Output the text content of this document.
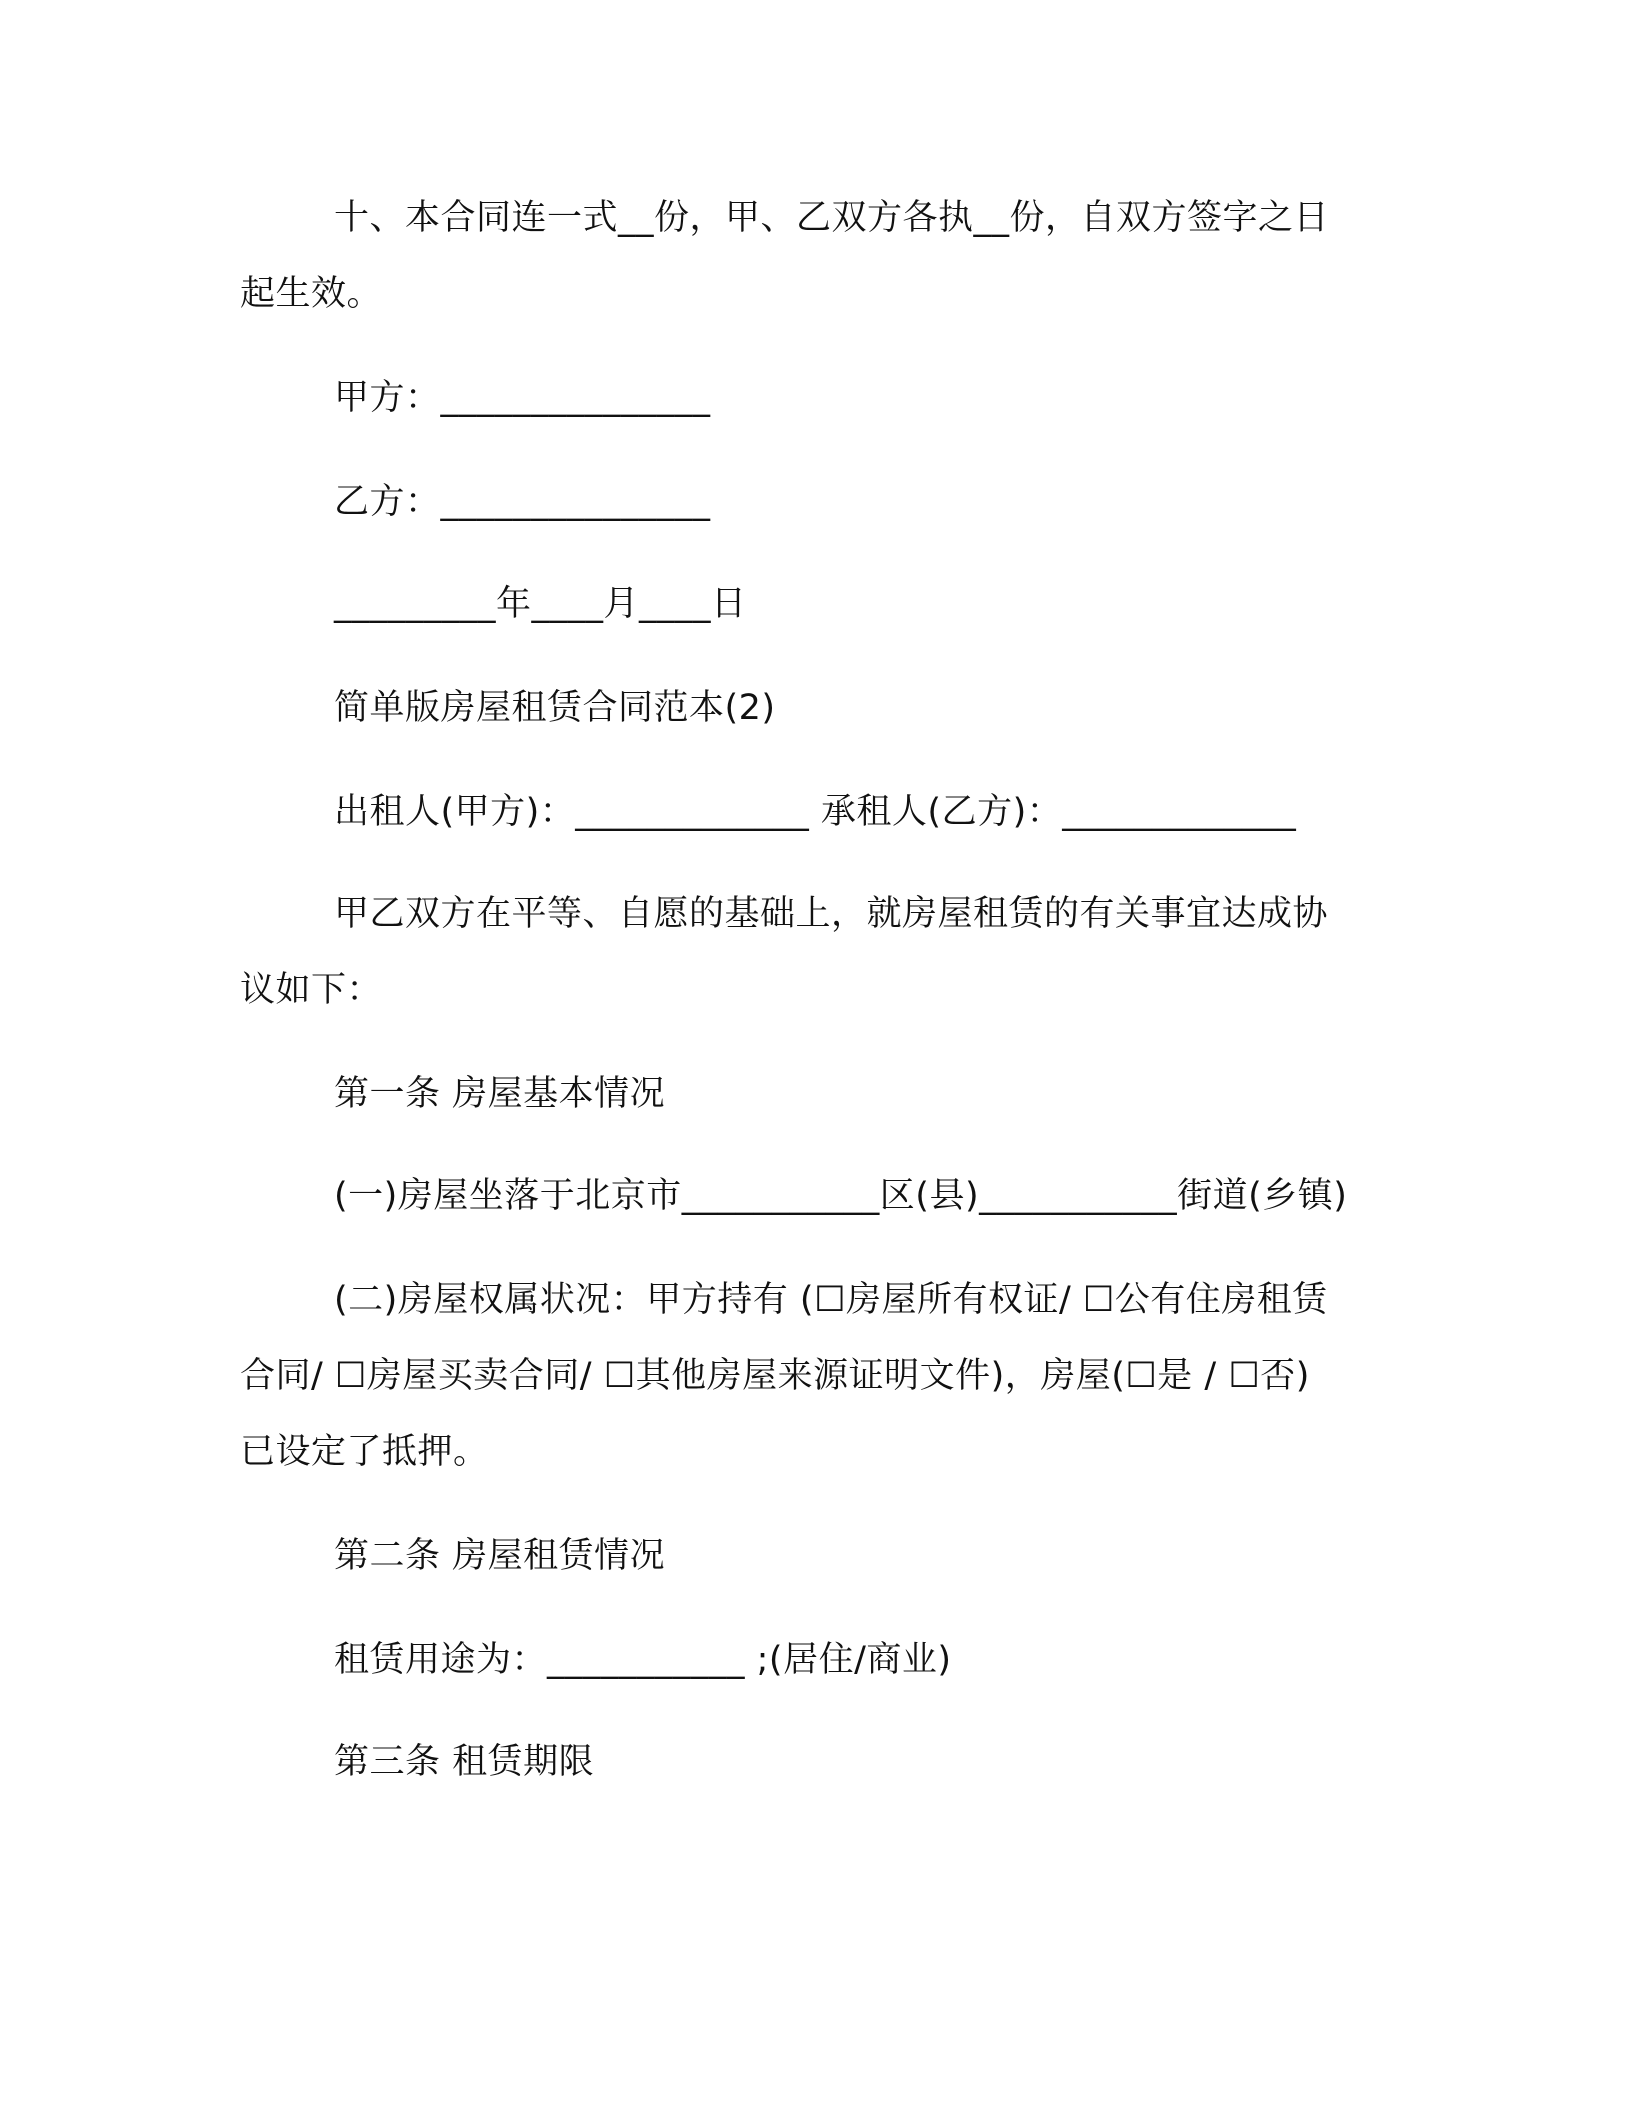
十、本合同连一式__份，甲、乙双方各执__份，自双方签字之日
起生效。
甲方：_______________
乙方：_______________
_________年____月____日
简单版房屋租赁合同范本(2)
出租人(甲方)：_____________ 承租人(乙方)：_____________
甲乙双方在平等、自愿的基础上，就房屋租赁的有关事宜达成协
议如下：
第一条 房屋基本情况
(一)房屋坐落于北京市___________区(县)___________街道(乡镇)
(二)房屋权属状况：甲方持有 (☐房屋所有权证/ ☐公有住房租赁
合同/ ☐房屋买卖合同/ ☐其他房屋来源证明文件)，房屋(☐是 / ☐否)
已设定了抵押。
第二条 房屋租赁情况
租赁用途为：___________ ;(居住/商业)
第三条 租赁期限
